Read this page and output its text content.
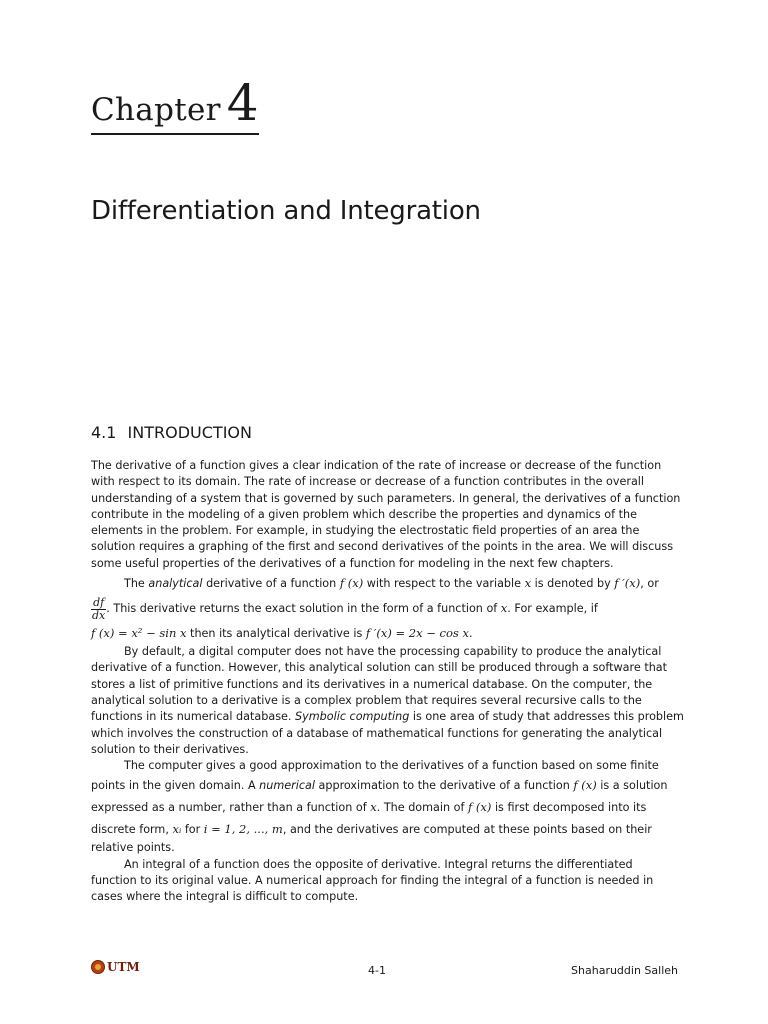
Chapter 4
Differentiation and Integration
4.1 INTRODUCTION
The derivative of a function gives a clear indication of the rate of increase or decrease of the function
with respect to its domain. The rate of increase or decrease of a function contributes in the overall
understanding of a system that is governed by such parameters. In general, the derivatives of a function
contribute in the modeling of a given problem which describe the properties and dynamics of the
elements in the problem. For example, in studying the electrostatic field properties of an area the
solution requires a graphing of the first and second derivatives of the points in the area. We will discuss
some useful properties of the derivatives of a function for modeling in the next few chapters.
The analytical derivative of a function f (x) with respect to the variable x is denoted by f ′(x), or
$\frac{df}{dx}$ . This derivative returns the exact solution in the form of a function of x. For example, if
f (x) = x² − sin x then its analytical derivative is f ′(x) = 2x − cos x.
By default, a digital computer does not have the processing capability to produce the analytical
derivative of a function. However, this analytical solution can still be produced through a software that
stores a list of primitive functions and its derivatives in a numerical database. On the computer, the
analytical solution to a derivative is a complex problem that requires several recursive calls to the
functions in its numerical database. Symbolic computing is one area of study that addresses this problem
which involves the construction of a database of mathematical functions for generating the analytical
solution to their derivatives.
The computer gives a good approximation to the derivatives of a function based on some finite
points in the given domain. A numerical approximation to the derivative of a function f (x) is a solution
expressed as a number, rather than a function of x. The domain of f (x) is first decomposed into its
discrete form, xᵢ for i = 1, 2, ..., m, and the derivatives are computed at these points based on their
relative points.
An integral of a function does the opposite of derivative. Integral returns the differentiated
function to its original value. A numerical approach for finding the integral of a function is needed in
cases where the integral is difficult to compute.
UTM	4-1	Shaharuddin Salleh
